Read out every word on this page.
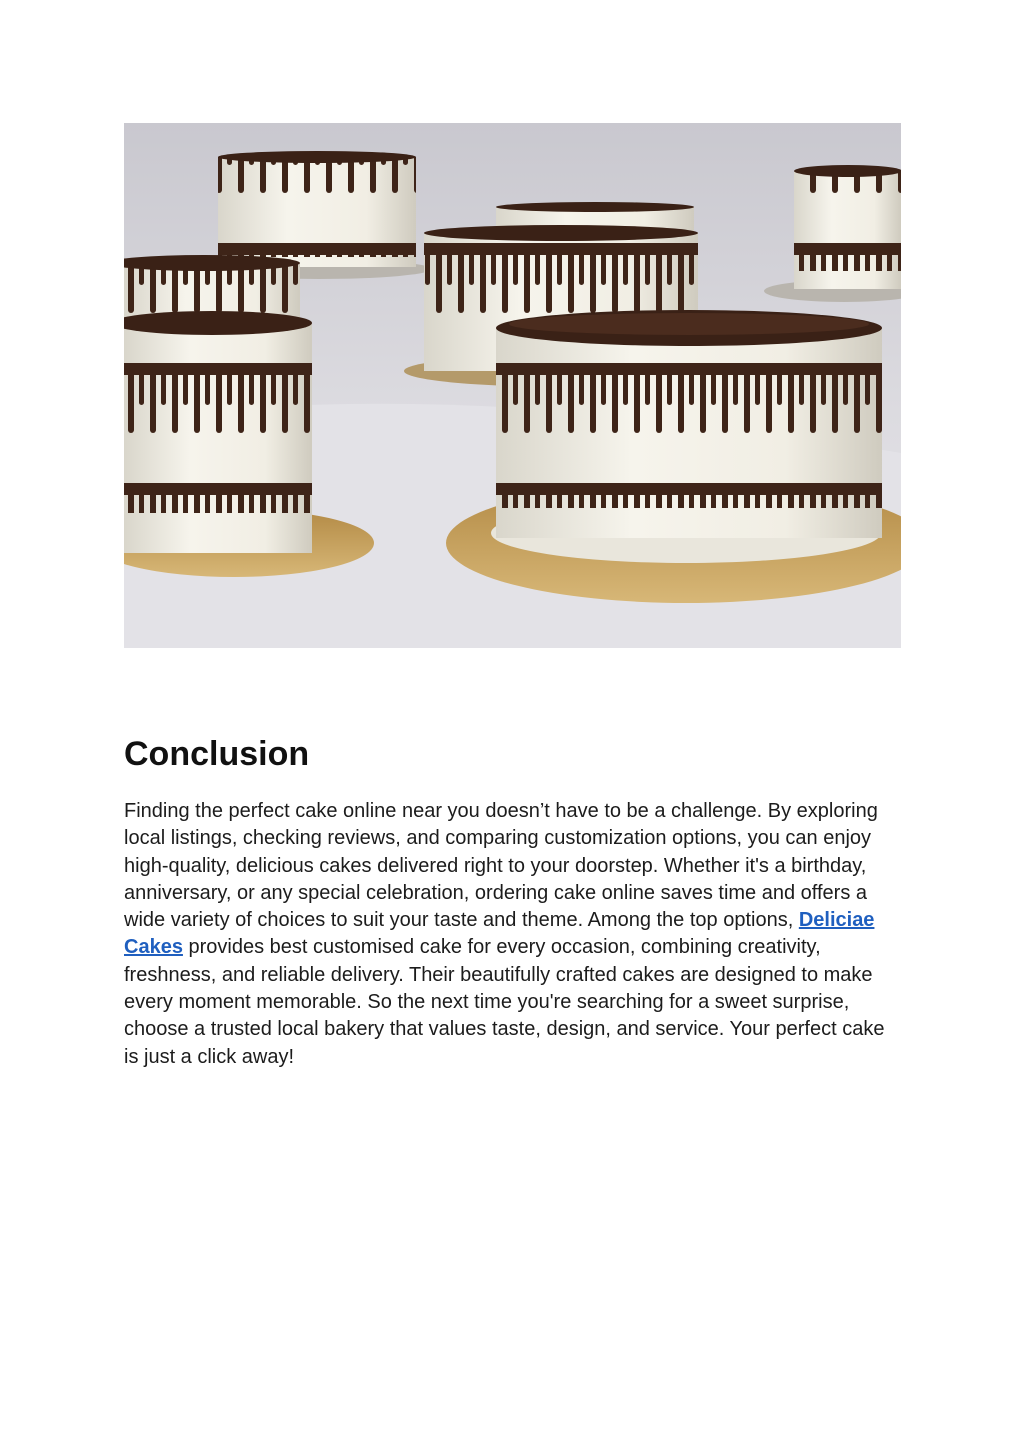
Conclusion

Finding the perfect cake online near you doesn’t have to be a challenge. By exploring local listings, checking reviews, and comparing customization options, you can enjoy high-quality, delicious cakes delivered right to your doorstep. Whether it's a birthday, anniversary, or any special celebration, ordering cake online saves time and offers a wide variety of choices to suit your taste and theme. Among the top options, Deliciae Cakes provides best customised cake for every occasion, combining creativity, freshness, and reliable delivery. Their beautifully crafted cakes are designed to make every moment memorable. So the next time you're searching for a sweet surprise, choose a trusted local bakery that values taste, design, and service. Your perfect cake is just a click away!
